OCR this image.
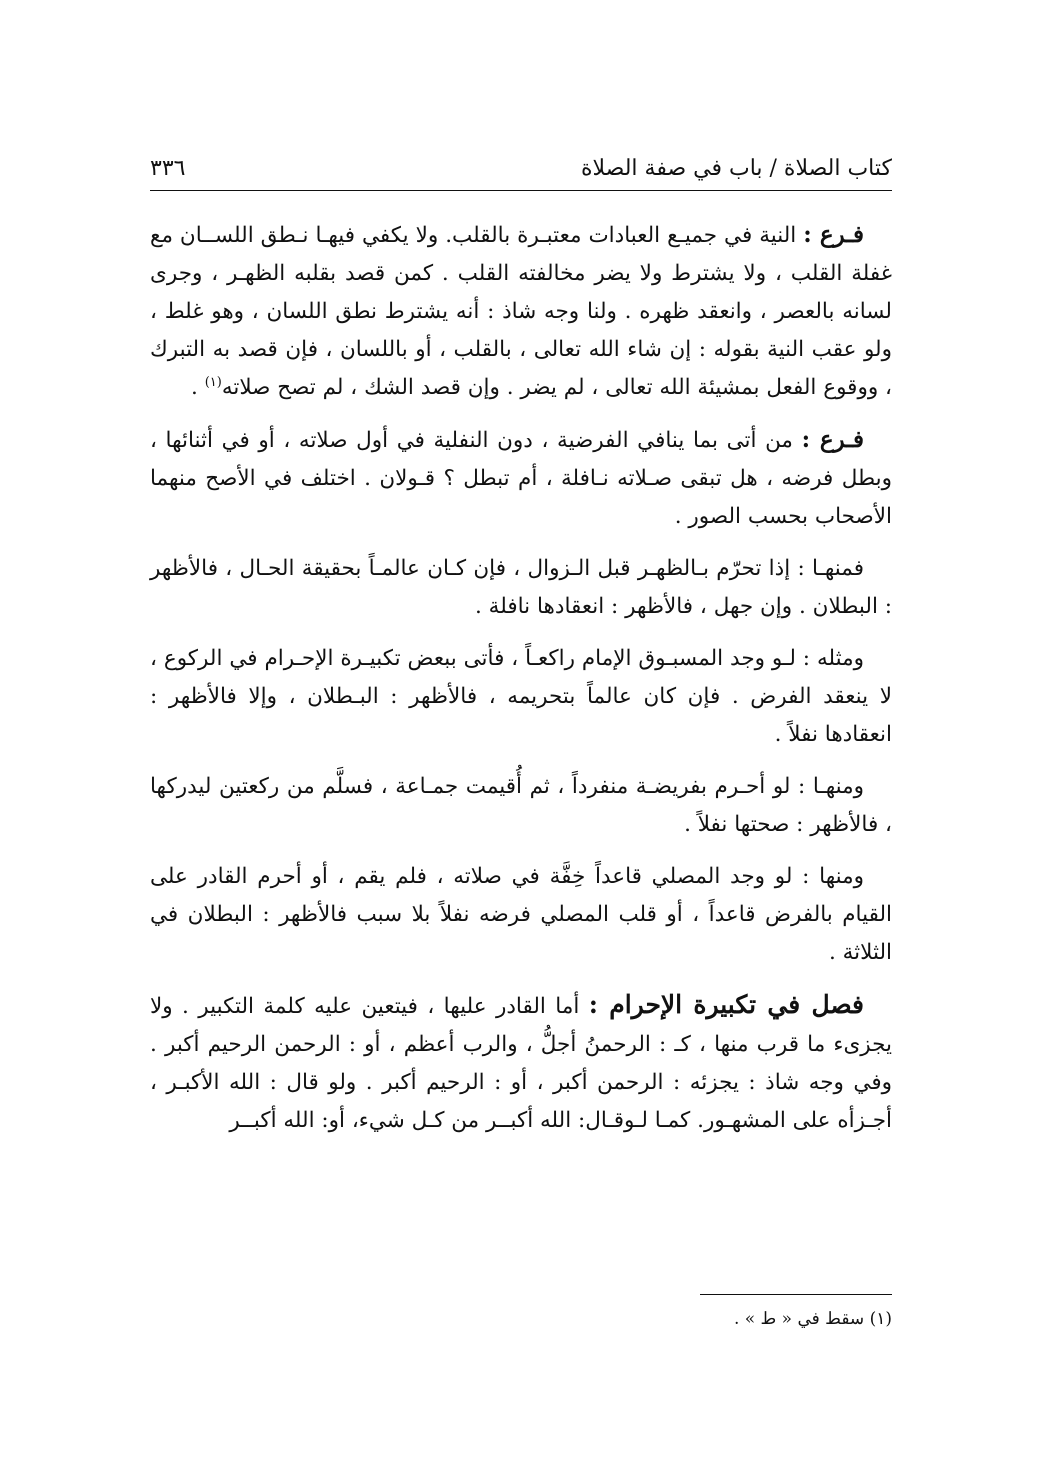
كتاب الصلاة / باب في صفة الصلاة
٣٣٦

فـرع : النية في جميـع العبادات معتبـرة بالقلب. ولا يكفي فيهـا نـطق اللســان مع غفلة القلب ، ولا يشترط ولا يضر مخالفته القلب . كمن قصد بقلبه الظهـر ، وجرى لسانه بالعصر ، وانعقد ظهره . ولنا وجه شاذ : أنه يشترط نطق اللسان ، وهو غلط ، ولو عقب النية بقوله : إن شاء الله تعالى ، بالقلب ، أو باللسان ، فإن قصد به التبرك ، ووقوع الفعل بمشيئة الله تعالى ، لم يضر . وإن قصد الشك ، لم تصح صلاته$^{(١)}$ .

فـرع : من أتى بما ينافي الفرضية ، دون النفلية في أول صلاته ، أو في أثنائها ، وبطل فرضه ، هل تبقى صـلاته نـافلة ، أم تبطل ؟ قـولان . اختلف في الأصح منهما الأصحاب بحسب الصور .

فمنهـا : إذا تحرّم بـالظهـر قبل الـزوال ، فإن كـان عالمـاً بحقيقة الحـال ، فالأظهر : البطلان . وإن جهل ، فالأظهر : انعقادها نافلة .

ومثله : لـو وجد المسبـوق الإمام راكعـاً ، فأتى ببعض تكبيـرة الإحـرام في الركوع ، لا ينعقد الفرض . فإن كان عالماً بتحريمه ، فالأظهر : البـطلان ، وإلا فالأظهر : انعقادها نفلاً .

ومنهـا : لو أحـرم بفريضـة منفرداً ، ثم أُقيمت جمـاعة ، فسلَّم من ركعتين ليدركها ، فالأظهر : صحتها نفلاً .

ومنها : لو وجد المصلي قاعداً خِفَّة في صلاته ، فلم يقم ، أو أحرم القادر على القيام بالفرض قاعداً ، أو قلب المصلي فرضه نفلاً بلا سبب فالأظهر : البطلان في الثلاثة .

فصل في تكبيرة الإحرام : أما القادر عليها ، فيتعين عليه كلمة التكبير . ولا يجزىء ما قرب منها ، كـ : الرحمنُ أجلُّ ، والرب أعظم ، أو : الرحمن الرحيم أكبر . وفي وجه شاذ : يجزئه : الرحمن أكبر ، أو : الرحيم أكبر . ولو قال : الله الأكبـر ، أجـزأه على المشهـور. كمـا لـوقـال: الله أكبــر من كـل شيء، أو: الله أكبــر

(١) سقط في « ط » .
